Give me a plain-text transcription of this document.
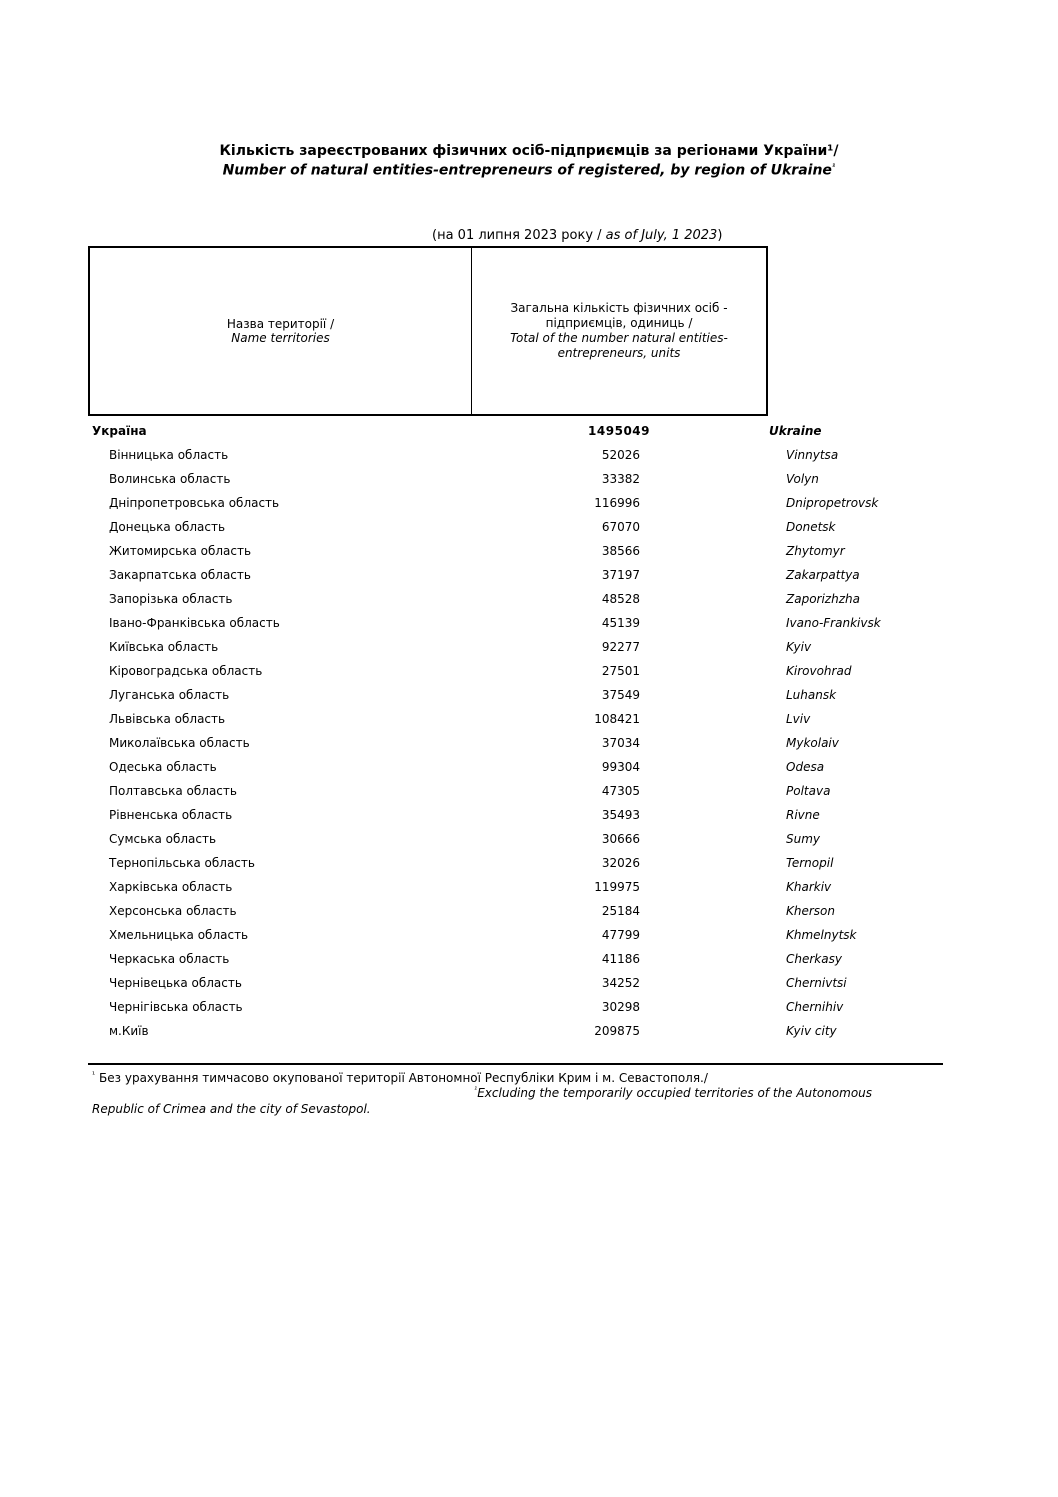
Кількість зареєстрованих фізичних осіб-підприємців за регіонами України¹/
Number of natural entities-entrepreneurs of registered, by region of Ukraine$^{^1}$
(на 01 липня 2023 року / as of July, 1 2023)
Назва території /
Name territories
Загальна кількість фізичних осіб -
підприємців, одиниць /
Total of the number natural entities-
entrepreneurs, units
Україна	1495049	Ukraine
Вінницька область	52026	Vinnytsa
Волинська область	33382	Volyn
Дніпропетровська область	116996	Dnipropetrovsk
Донецька область	67070	Donetsk
Житомирська область	38566	Zhytomyr
Закарпатська область	37197	Zakarpattya
Запорізька область	48528	Zaporizhzha
Івано-Франківська область	45139	Ivano-Frankivsk
Київська область	92277	Kyiv
Кіровоградська область	27501	Kirovohrad
Луганська область	37549	Luhansk
Львівська область	108421	Lviv
Миколаївська область	37034	Mykolaiv
Одеська область	99304	Odesa
Полтавська область	47305	Poltava
Рівненська область	35493	Rivne
Сумська область	30666	Sumy
Тернопільська область	32026	Ternopil
Харківська область	119975	Kharkiv
Херсонська область	25184	Kherson
Хмельницька область	47799	Khmelnytsk
Черкаська область	41186	Cherkasy
Чернівецька область	34252	Chernivtsi
Чернігівська область	30298	Chernihiv
м.Київ	209875	Kyiv city
$^{^1}$ Без урахування тимчасово окупованої території Автономної Республіки Крим і м. Севастополя./
$^{^1}$Excluding the temporarily occupied territories of the Autonomous
Republic of Crimea and the city of Sevastopol.
